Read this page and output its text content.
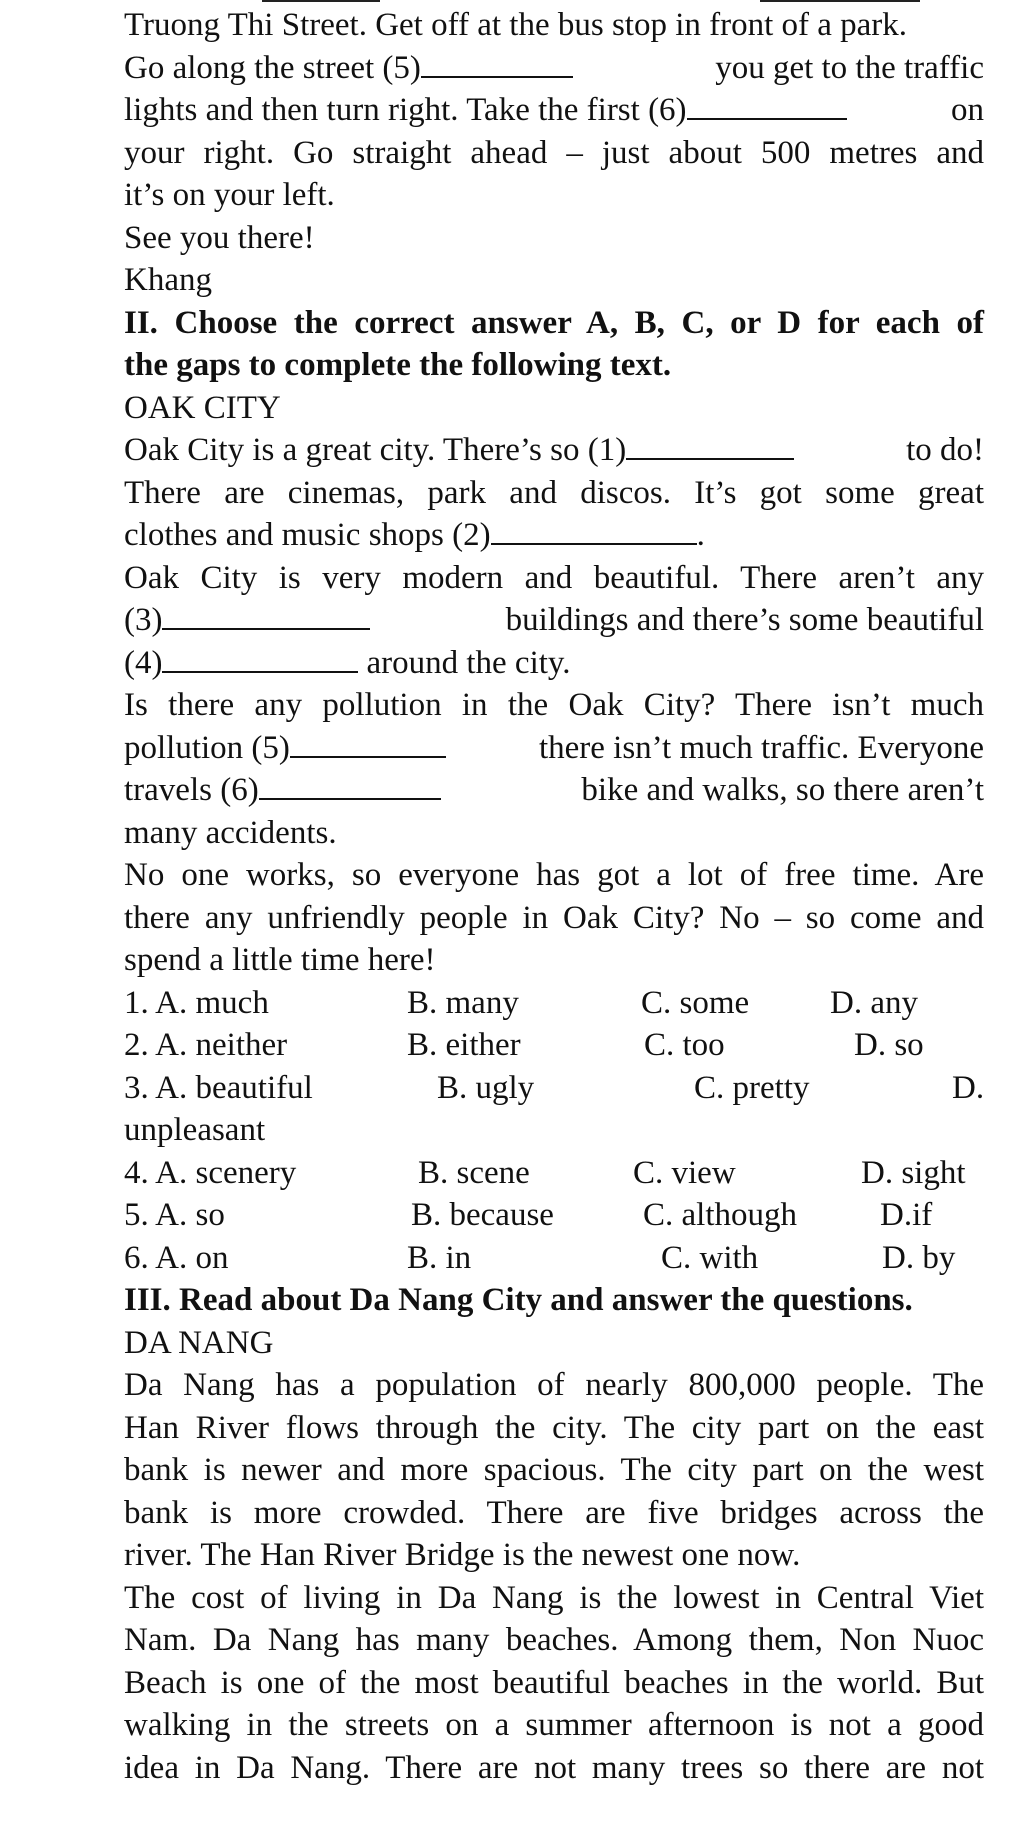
Truong Thi Street. Get off at the bus stop in front of a park.
Go along the street (5)	you get to the traffic
lights and then turn right. Take the first (6)	on
your right. Go straight ahead – just about 500 metres and
it’s on your left.
See you there!
Khang
II. Choose the correct answer A, B, C, or D for each of
the gaps to complete the following text.
OAK CITY
Oak City is a great city. There’s so (1)	to do!
There are cinemas, park and discos. It’s got some great
clothes and music shops (2)	.
Oak City is very modern and beautiful. There aren’t any
(3)	buildings and there’s some beautiful
(4)	around the city.
Is there any pollution in the Oak City? There isn’t much
pollution (5)	there isn’t much traffic. Everyone
travels (6)	bike and walks, so there aren’t
many accidents.
No one works, so everyone has got a lot of free time. Are
there any unfriendly people in Oak City? No – so come and
spend a little time here!
1. A. much	B. many	C. some D. any
2. A. neither	B. either	C. too	D. so
3. A. beautiful	B. ugly	C. pretty	D.
unpleasant
4. A. scenery	B. scene	C. view	D. sight
5. A. so	B. because	C. although	D.if
6. A. on	B. in	C. with	D. by
III. Read about Da Nang City and answer the questions.
DA NANG
Da Nang has a population of nearly 800,000 people. The
Han River flows through the city. The city part on the east
bank is newer and more spacious. The city part on the west
bank is more crowded. There are five bridges across the
river. The Han River Bridge is the newest one now.
The cost of living in Da Nang is the lowest in Central Viet
Nam. Da Nang has many beaches. Among them, Non Nuoc
Beach is one of the most beautiful beaches in the world. But
walking in the streets on a summer afternoon is not a good
idea in Da Nang. There are not many trees so there are not
